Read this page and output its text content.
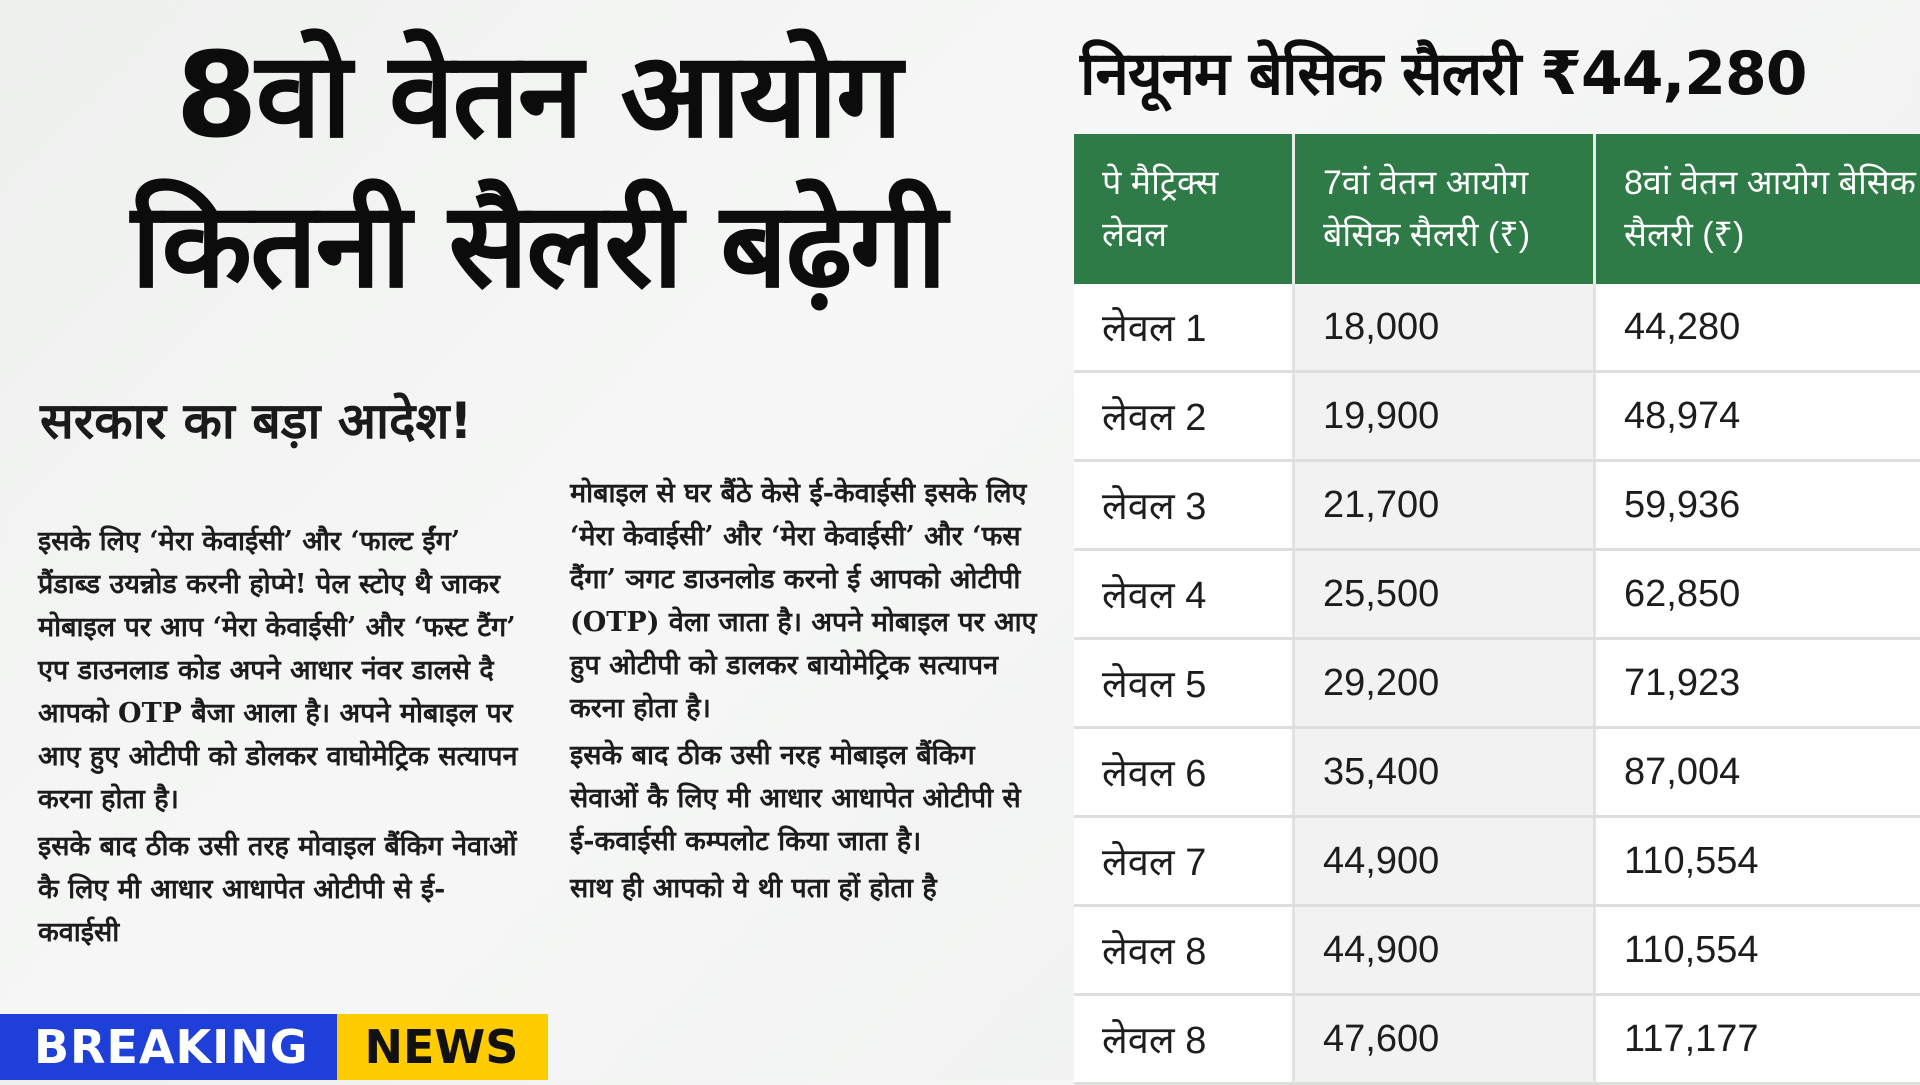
8वो वेतन आयोग
कितनी सैलरी बढ़ेगी
सरकार का बड़ा आदेश!

इसके लिए ‘मेरा केवाईसी’ और ‘फाल्ट ईंग’ प्रैंडाब्ड उयन्नोड करनी होप्मे! पेल स्टोए थै जाकर मोबाइल पर आप ‘मेरा केवाईसी’ और ‘फस्ट टैंग’ एप डाउनलाड कोड अपने आधार नंवर डालसे दै आपको OTP बैजा आला है। अपने मोबाइल पर आए हुए ओटीपी को डोलकर वाघोमेट्रिक सत्यापन करना होता है।

इसके बाद ठीक उसी तरह मोवाइल बैंकिग नेवाओं कै लिए मी आधार आधापेत ओटीपी से ई-कवाईसी

मोबाइल से घर बैंठे केसे ई-केवाईसी इसके लिए ‘मेरा केवाईसी’ और ‘मेरा केवाईसी’ और ‘फस दैंगा’ ञगट डाउनलोड करनो ई आपको ओटीपी (OTP) वेला जाता है। अपने मोबाइल पर आए हुप ओटीपी को डालकर बायोमेट्रिक सत्यापन करना होता है।

इसके बाद ठीक उसी नरह मोबाइल बैंकिग सेवाओं कै लिए मी आधार आधापेत ओटीपी से ई-कवाईसी कम्पलोट किया जाता है।

साथ ही आपको ये थी पता हों होता है

नियूनम बेसिक सैलरी ₹44,280
पे मैट्रिक्स लेवल	7वां वेतन आयोग बेसिक सैलरी (₹)	8वां वेतन आयोग बेसिक सैलरी (₹)
लेवल 1	18,000	44,280
लेवल 2	19,900	48,974
लेवल 3	21,700	59,936
लेवल 4	25,500	62,850
लेवल 5	29,200	71,923
लेवल 6	35,400	87,004
लेवल 7	44,900	110,554
लेवल 8	44,900	110,554
लेवल 8	47,600	117,177
BREAKING	NEWS
